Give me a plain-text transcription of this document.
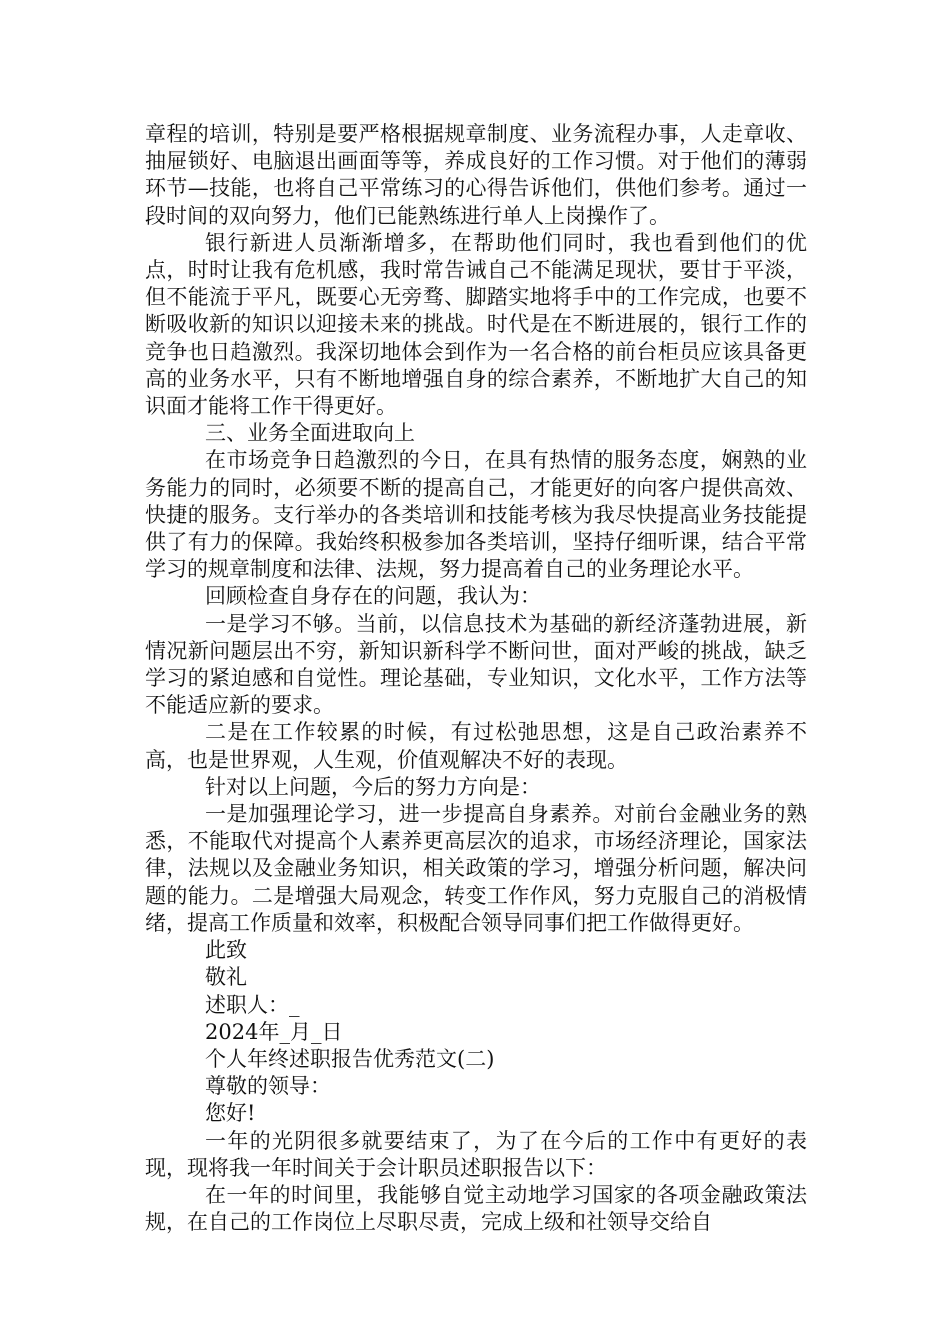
章程的培训，特别是要严格根据规章制度、业务流程办事，人走章收、抽屉锁好、电脑退出画面等等，养成良好的工作习惯。对于他们的薄弱环节—技能，也将自己平常练习的心得告诉他们，供他们参考。通过一段时间的双向努力，他们已能熟练进行单人上岗操作了。

银行新进人员渐渐增多，在帮助他们同时，我也看到他们的优点，时时让我有危机感，我时常告诫自己不能满足现状，要甘于平淡，但不能流于平凡，既要心无旁骛、脚踏实地将手中的工作完成，也要不断吸收新的知识以迎接未来的挑战。时代是在不断进展的，银行工作的竞争也日趋激烈。我深切地体会到作为一名合格的前台柜员应该具备更高的业务水平，只有不断地增强自身的综合素养，不断地扩大自己的知识面才能将工作干得更好。

三、业务全面进取向上

在市场竞争日趋激烈的今日，在具有热情的服务态度，娴熟的业务能力的同时，必须要不断的提高自己，才能更好的向客户提供高效、快捷的服务。支行举办的各类培训和技能考核为我尽快提高业务技能提供了有力的保障。我始终积极参加各类培训，坚持仔细听课，结合平常学习的规章制度和法律、法规，努力提高着自己的业务理论水平。

回顾检查自身存在的问题，我认为：

一是学习不够。当前，以信息技术为基础的新经济蓬勃进展，新情况新问题层出不穷，新知识新科学不断问世，面对严峻的挑战，缺乏学习的紧迫感和自觉性。理论基础，专业知识，文化水平，工作方法等不能适应新的要求。

二是在工作较累的时候，有过松弛思想，这是自己政治素养不高，也是世界观，人生观，价值观解决不好的表现。

针对以上问题，今后的努力方向是：

一是加强理论学习，进一步提高自身素养。对前台金融业务的熟悉，不能取代对提高个人素养更高层次的追求，市场经济理论，国家法律，法规以及金融业务知识，相关政策的学习，增强分析问题，解决问题的能力。二是增强大局观念，转变工作作风，努力克服自己的消极情绪，提高工作质量和效率，积极配合领导同事们把工作做得更好。

此致

敬礼

述职人：_

2024年_月_日

个人年终述职报告优秀范文(二)

尊敬的领导：

您好!

一年的光阴很多就要结束了，为了在今后的工作中有更好的表现，现将我一年时间关于会计职员述职报告以下：

在一年的时间里，我能够自觉主动地学习国家的各项金融政策法规，在自己的工作岗位上尽职尽责，完成上级和社领导交给自
